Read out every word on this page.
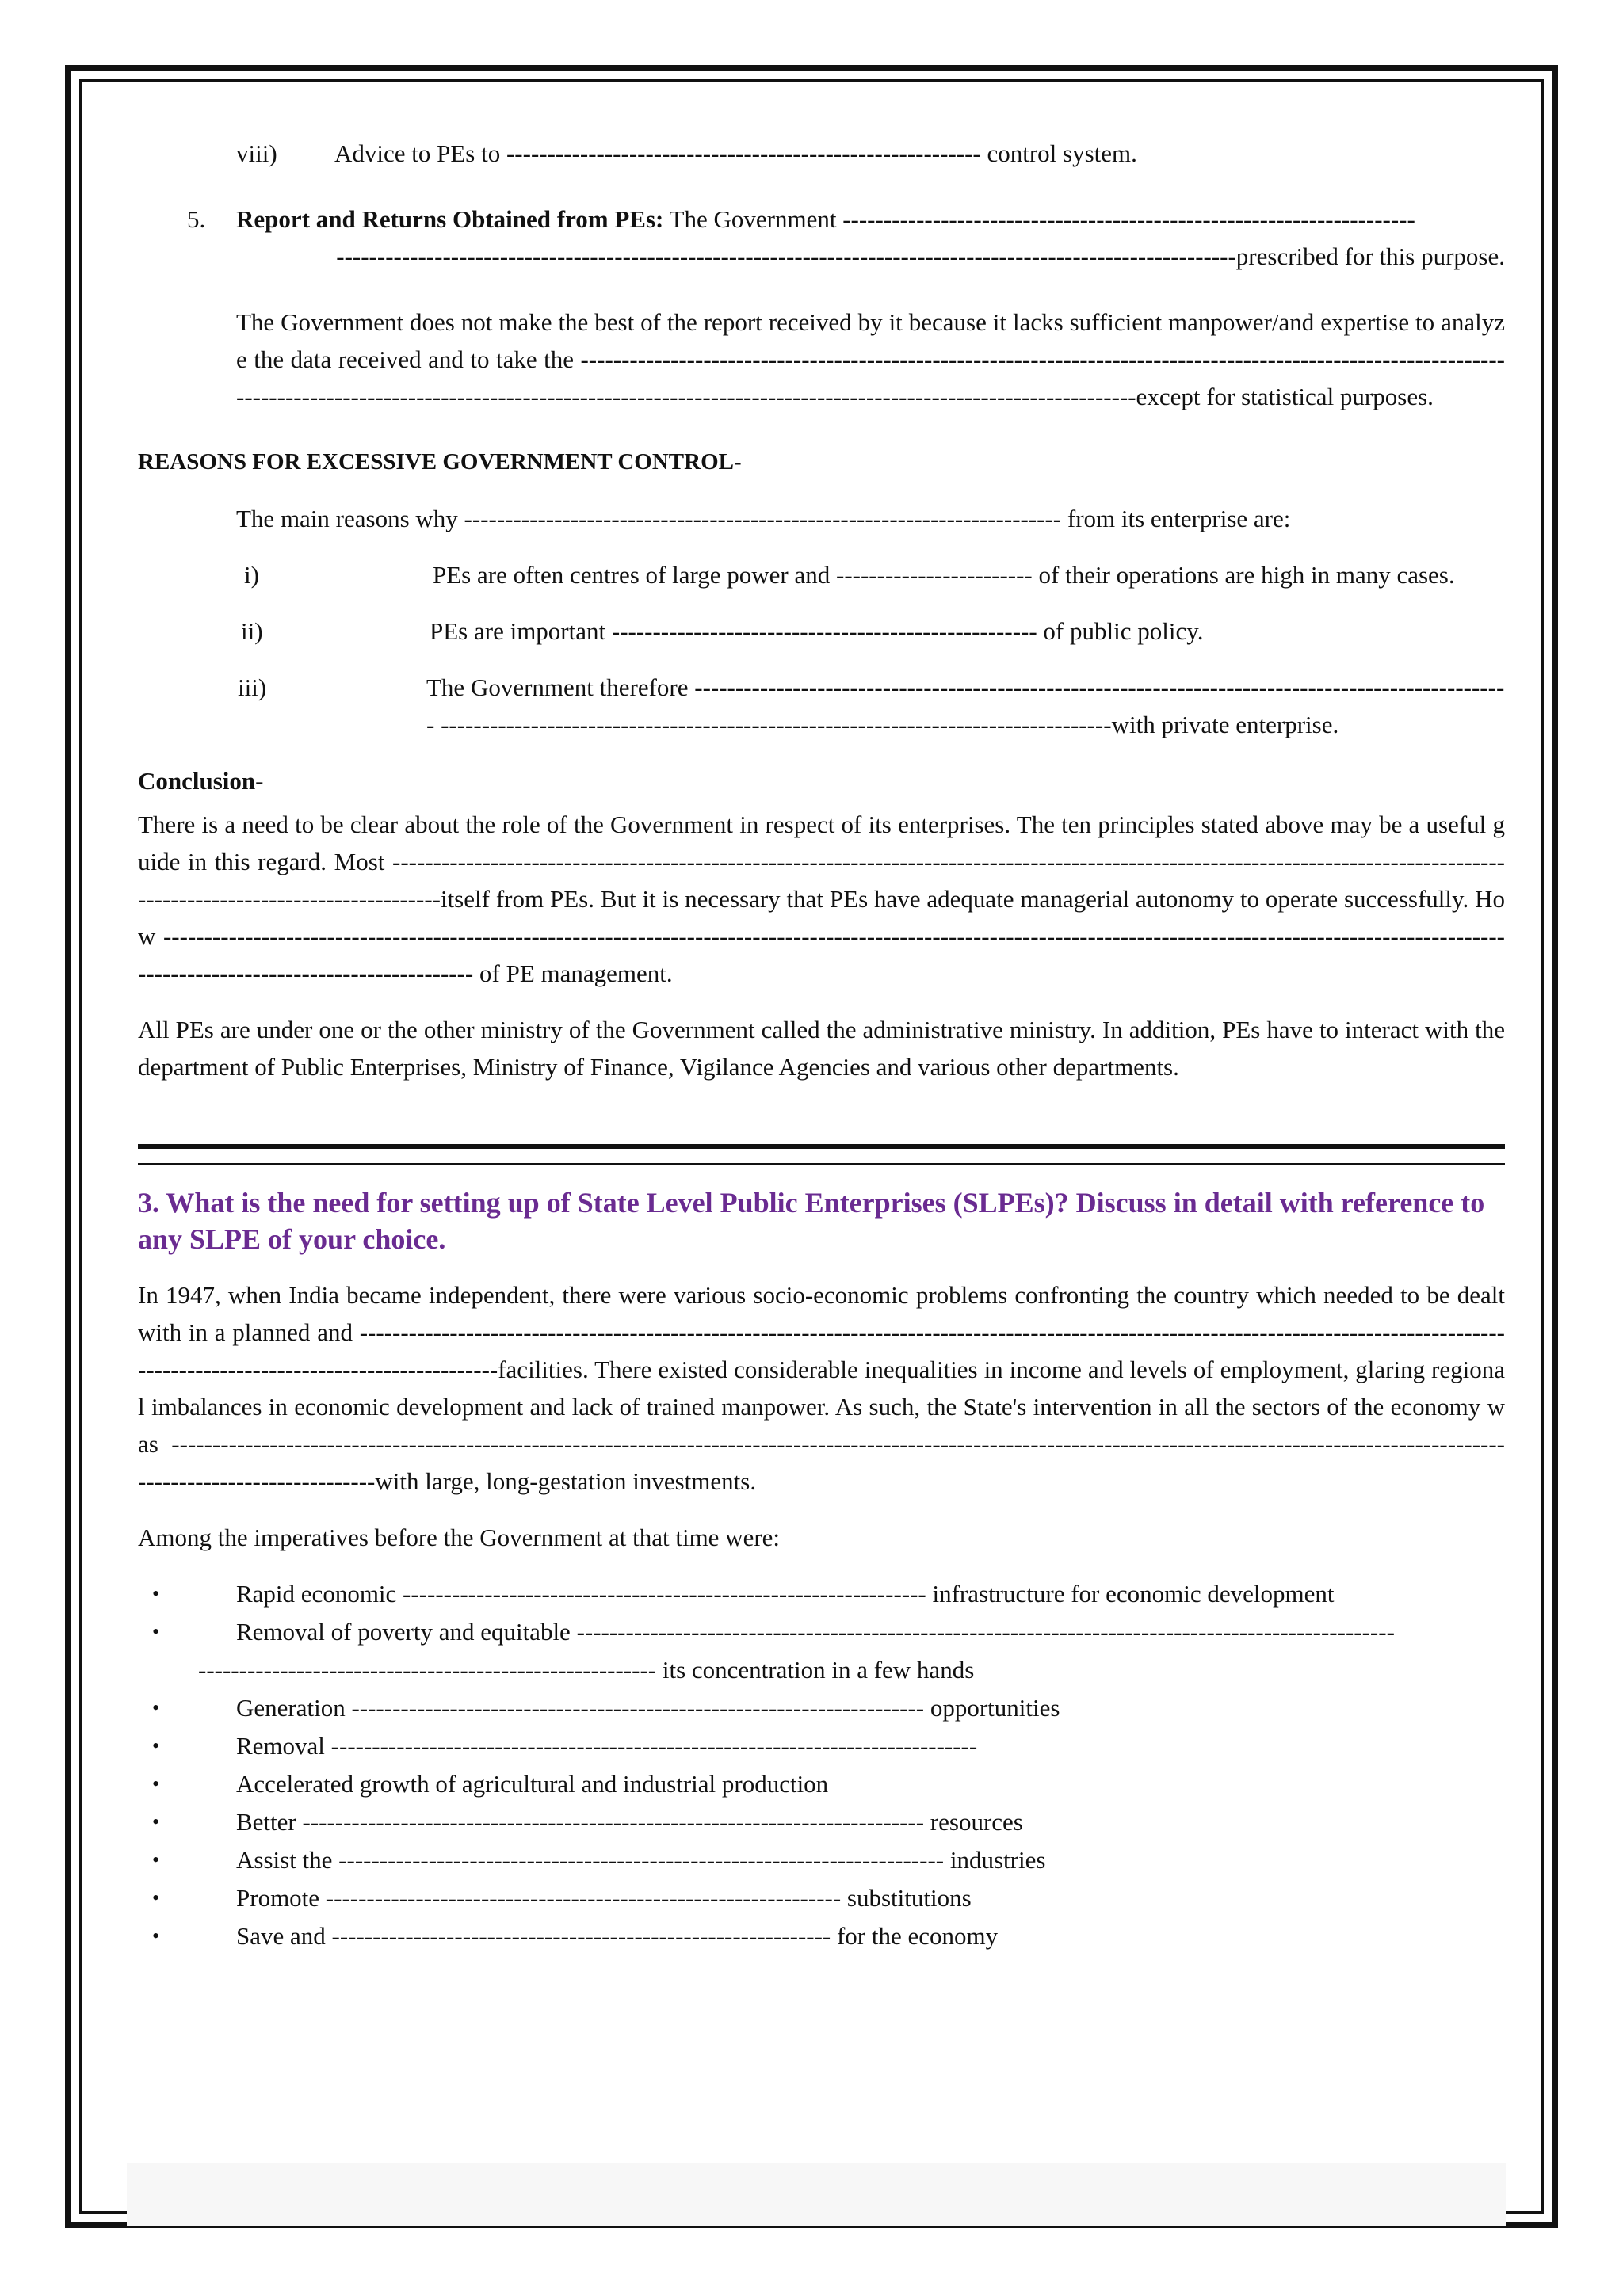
viii)	Advice to PEs to ---------------------------------------------------------- control system.
5.	Report and Returns Obtained from PEs: The Government ----------------------------------------------------------------------

--------------------------------------------------------------------------------------------------------------prescribed for this purpose.

The Government does not make the best of the report received by it because it lacks sufficient manpower/and expertise to analyze the data received and to take the -------------------------------------------------------------------------------------------------------------------------------------------------------------------------------------------------------------------------------except for statistical purposes.

REASONS FOR EXCESSIVE GOVERNMENT CONTROL-

The main reasons why ------------------------------------------------------------------------- from its enterprise are:

i)	PEs are often centres of large power and ------------------------ of their operations are high in many cases.
ii)	PEs are important ---------------------------------------------------- of public policy.
iii)	The Government therefore ---------------------------------------------------------------------------------------------------- ----------------------------------------------------------------------------------with private enterprise.

Conclusion-

There is a need to be clear about the role of the Government in respect of its enterprises. The ten principles stated above may be a useful guide in this regard. Most -----------------------------------------------------------------------------------------------------------------------------------------------------------------------------itself from PEs. But it is necessary that PEs have adequate managerial autonomy to operate successfully. How ------------------------------------------------------------------------------------------------------------------------------------------------------------------------------------------------------------- of PE management.

All PEs are under one or the other ministry of the Government called the administrative ministry. In addition, PEs have to interact with the department of Public Enterprises, Ministry of Finance, Vigilance Agencies and various other departments.

3. What is the need for setting up of State Level Public Enterprises (SLPEs)? Discuss in detail with reference to any SLPE of your choice.

In 1947, when India became independent, there were various socio-economic problems confronting the country which needed to be dealt with in a planned and ----------------------------------------------------------------------------------------------------------------------------------------------------------------------------------------facilities. There existed considerable inequalities in income and levels of employment, glaring regional imbalances in economic development and lack of trained manpower. As such, the State's intervention in all the sectors of the economy was ------------------------------------------------------------------------------------------------------------------------------------------------------------------------------------------------with large, long-gestation investments.

Among the imperatives before the Government at that time were:

•	Rapid economic ---------------------------------------------------------------- infrastructure for economic development
•	Removal of poverty and equitable ----------------------------------------------------------------------------------------------------
-------------------------------------------------------- its concentration in a few hands
•	Generation ---------------------------------------------------------------------- opportunities
•	Removal -------------------------------------------------------------------------------
•	Accelerated growth of agricultural and industrial production
•	Better ---------------------------------------------------------------------------- resources
•	Assist the -------------------------------------------------------------------------- industries
•	Promote --------------------------------------------------------------- substitutions
•	Save and ------------------------------------------------------------- for the economy
